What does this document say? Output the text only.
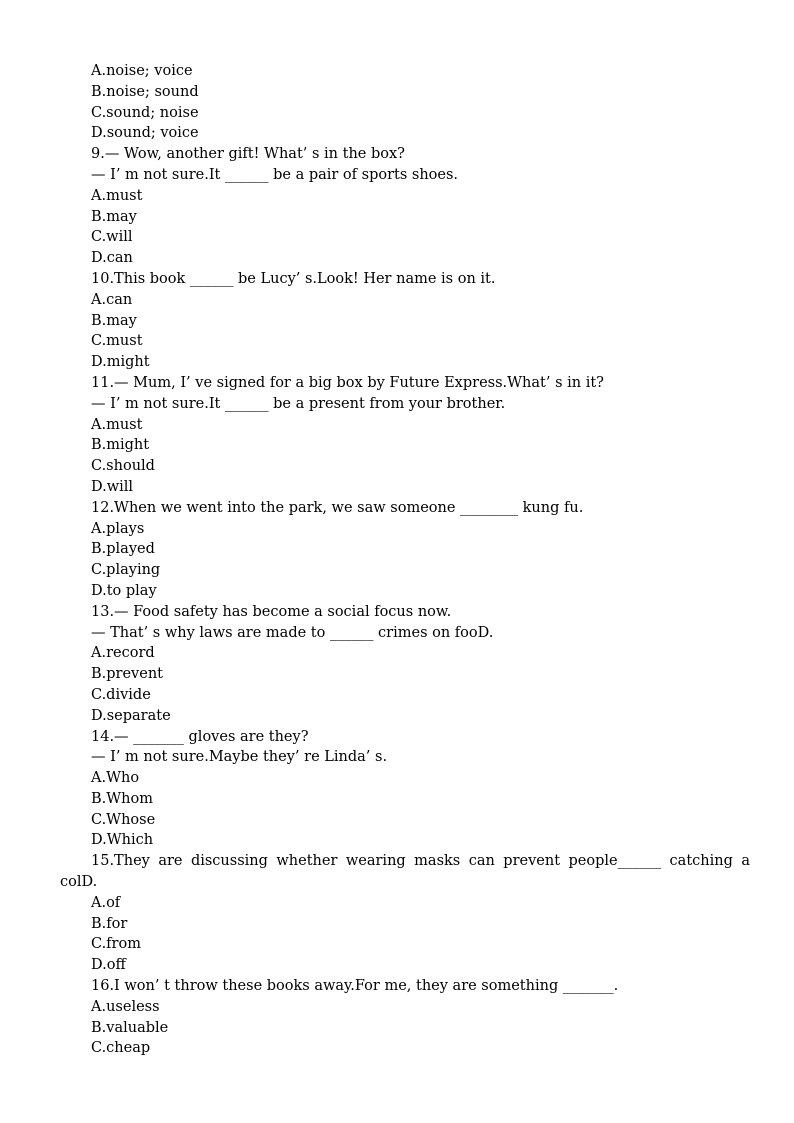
A.noise; voice
B.noise; sound
C.sound; noise
D.sound; voice
9.— Wow, another gift! What’ s in the box?
— I’ m not sure.It ______ be a pair of sports shoes.
A.must
B.may
C.will
D.can
10.This book ______ be Lucy’ s.Look! Her name is on it.
A.can
B.may
C.must
D.might
11.— Mum, I’ ve signed for a big box by Future Express.What’ s in it?
— I’ m not sure.It ______ be a present from your brother.
A.must
B.might
C.should
D.will
12.When we went into the park, we saw someone ________ kung fu.
A.plays
B.played
C.playing
D.to play
13.— Food safety has become a social focus now.
— That’ s why laws are made to ______ crimes on fooD.
A.record
B.prevent
C.divide
D.separate
14.— _______ gloves are they?
— I’ m not sure.Maybe they’ re Linda’ s.
A.Who
B.Whom
C.Whose
D.Which
15.They are discussing whether wearing masks can prevent people______ catching a colD.
A.of
B.for
C.from
D.off
16.I won’ t throw these books away.For me, they are something _______.
A.useless
B.valuable
C.cheap
